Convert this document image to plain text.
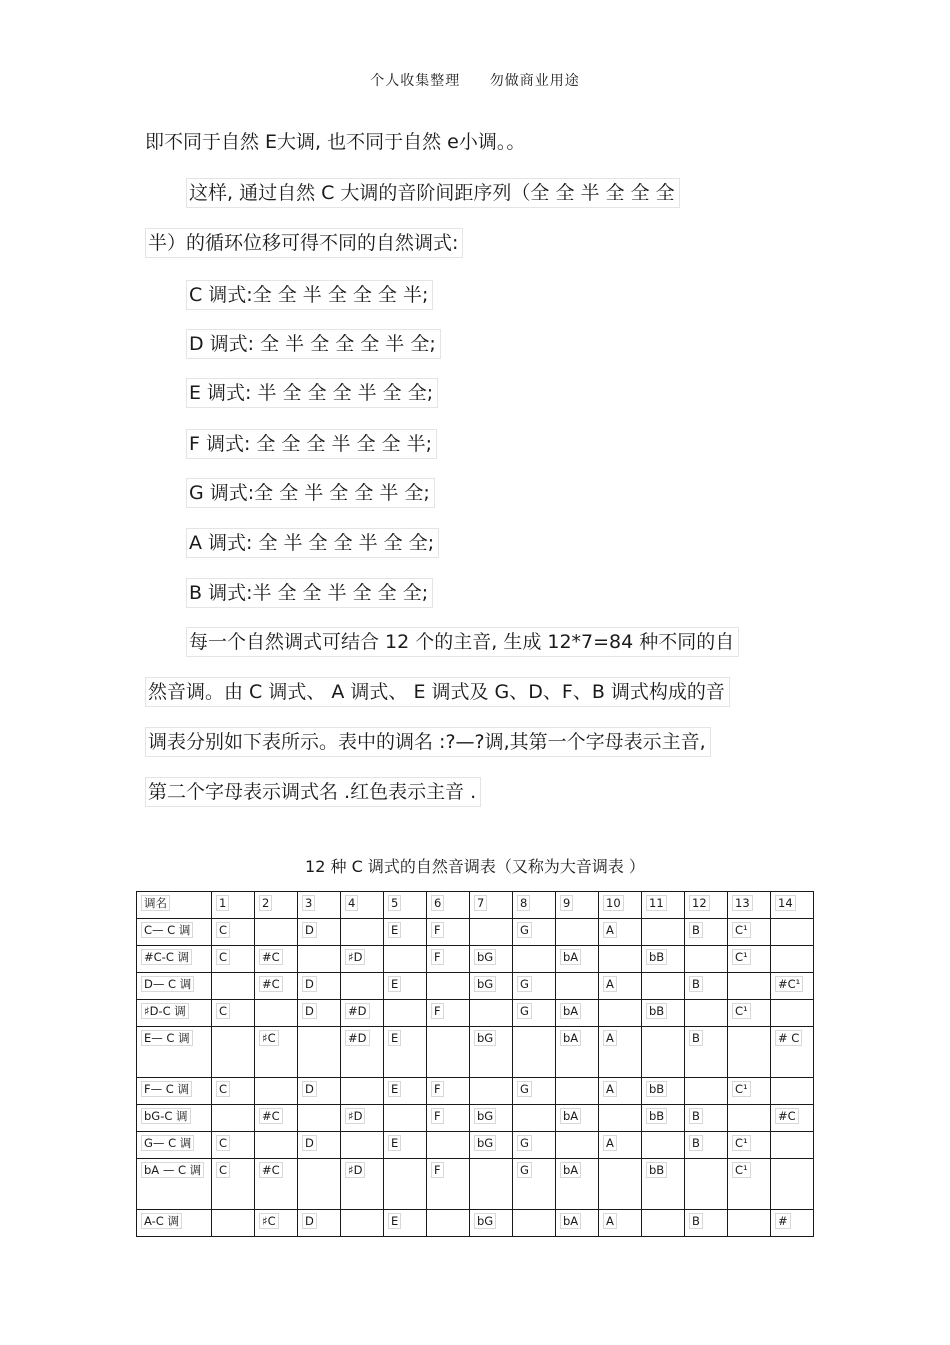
个人收集整理 勿做商业用途
即不同于自然 E大调, 也不同于自然 e小调。。
这样, 通过自然 C 大调的音阶间距序列（全 全 半 全 全 全
半）的循环位移可得不同的自然调式:
C 调式:全 全 半 全 全 全 半;
D 调式: 全 半 全 全 全 半 全;
E 调式: 半 全 全 全 半 全 全;
F 调式: 全 全 全 半 全 全 半;
G 调式:全 全 半 全 全 半 全;
A 调式: 全 半 全 全 半 全 全;
B 调式:半 全 全 半 全 全 全;
每一个自然调式可结合 12 个的主音, 生成 12*7=84 种不同的自
然音调。由 C 调式、 A 调式、 E 调式及 G、D、F、B 调式构成的音
调表分别如下表所示。表中的调名 :?—?调,其第一个字母表示主音,
第二个字母表示调式名 .红色表示主音 .
12 种 C 调式的自然音调表（又称为大音调表 ）
调名	1	2	3	4	5	6	7	8	9	10	11	12	13	14
C— C 调	C		D		E	F		G		A		B	C¹	
#C-C 调	C	#C		♯D		F	bG		bA		bB		C¹	
D— C 调		#C	D		E		bG	G		A		B		#C¹
♯D-C 调	C		D	#D		F		G	bA		bB		C¹	
E— C 调		♯C		#D	E		bG		bA	A		B		# C
F— C 调	C		D		E	F		G		A	bB		C¹	
bG-C 调		#C		♯D		F	bG		bA		bB	B		#C
G— C 调	C		D		E		bG	G		A		B	C¹	
bA — C 调	C	#C		♯D		F		G	bA		bB		C¹	
A-C 调		♯C	D		E		bG		bA	A		B		#
